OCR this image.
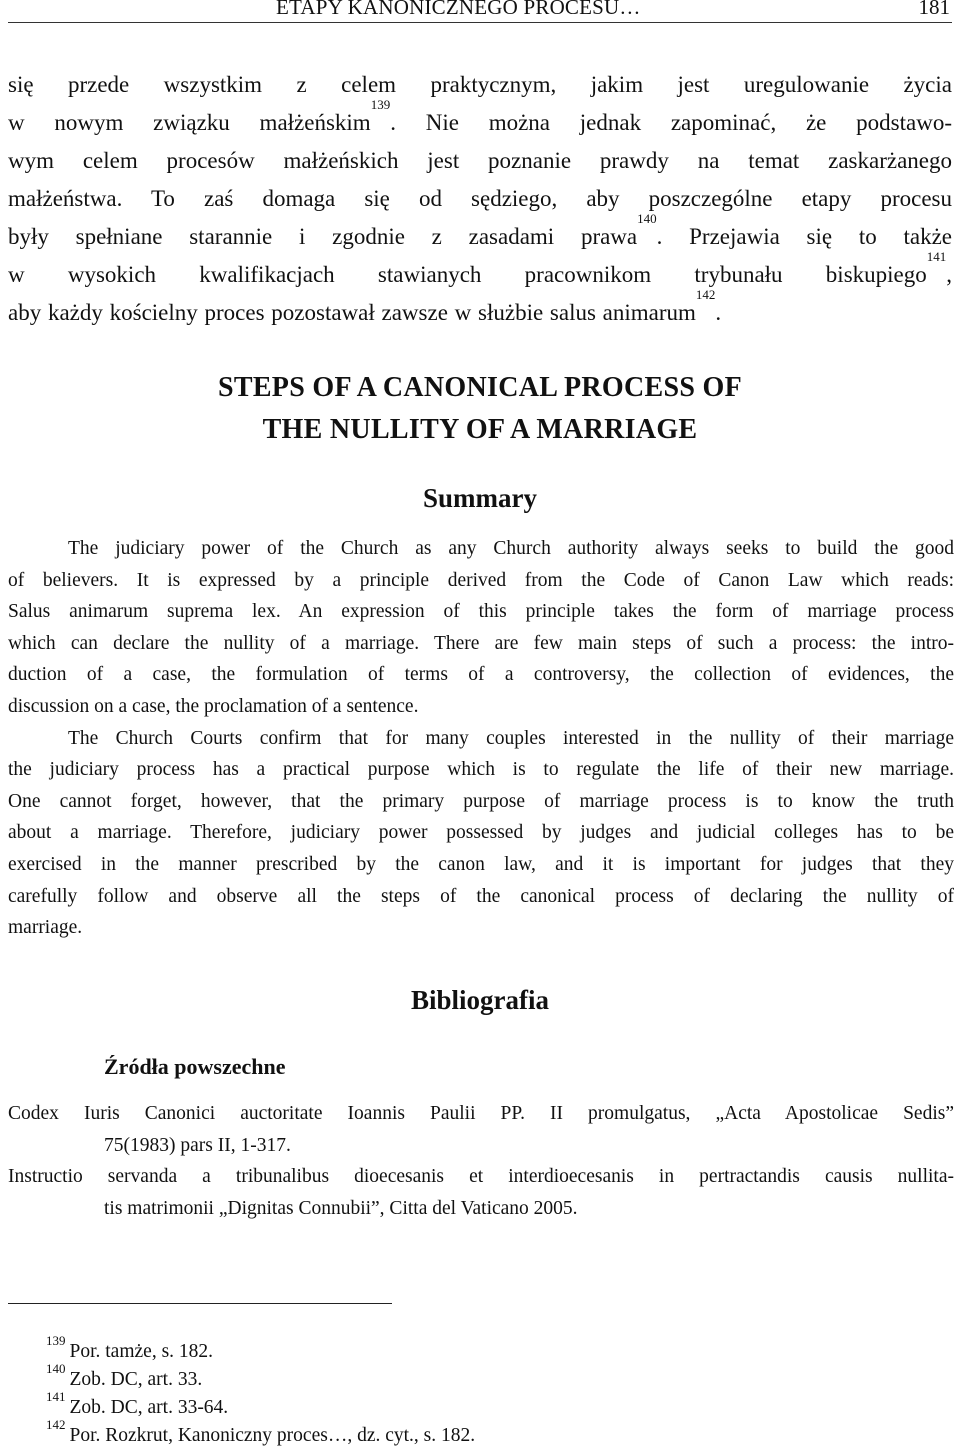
ETAPY KANONICZNEGO PROCESU…	181
się przede wszystkim z celem praktycznym, jakim jest uregulowanie życia
w nowym związku małżeńskim$^{139}$. Nie można jednak zapominać, że podstawo-
wym celem procesów małżeńskich jest poznanie prawdy na temat zaskarżanego
małżeństwa. To zaś domaga się od sędziego, aby poszczególne etapy procesu
były spełniane starannie i zgodnie z zasadami prawa$^{140}$. Przejawia się to także
w wysokich kwalifikacjach stawianych pracownikom trybunału biskupiego$^{141}$,
aby każdy kościelny proces pozostawał zawsze w służbie salus animarum$^{142}$.
STEPS OF A CANONICAL PROCESS OF
THE NULLITY OF A MARRIAGE
Summary
The judiciary power of the Church as any Church authority always seeks to build the good
of believers. It is expressed by a principle derived from the Code of Canon Law which reads:
Salus animarum suprema lex. An expression of this principle takes the form of marriage process
which can declare the nullity of a marriage. There are few main steps of such a process: the intro-
duction of a case, the formulation of terms of a controversy, the collection of evidences, the
discussion on a case, the proclamation of a sentence.
The Church Courts confirm that for many couples interested in the nullity of their marriage
the judiciary process has a practical purpose which is to regulate the life of their new marriage.
One cannot forget, however, that the primary purpose of marriage process is to know the truth
about a marriage. Therefore, judiciary power possessed by judges and judicial colleges has to be
exercised in the manner prescribed by the canon law, and it is important for judges that they
carefully follow and observe all the steps of the canonical process of declaring the nullity of
marriage.
Bibliografia
Źródła powszechne
Codex Iuris Canonici auctoritate Ioannis Paulii PP. II promulgatus, „Acta Apostolicae Sedis”
75(1983) pars II, 1-317.
Instructio servanda a tribunalibus dioecesanis et interdioecesanis in pertractandis causis nullita-
tis matrimonii „Dignitas Connubii”, Citta del Vaticano 2005.
$^{139}$Por. tamże, s. 182.
$^{140}$Zob. DC, art. 33.
$^{141}$Zob. DC, art. 33-64.
$^{142}$Por. Rozkrut, Kanoniczny proces…, dz. cyt., s. 182.
